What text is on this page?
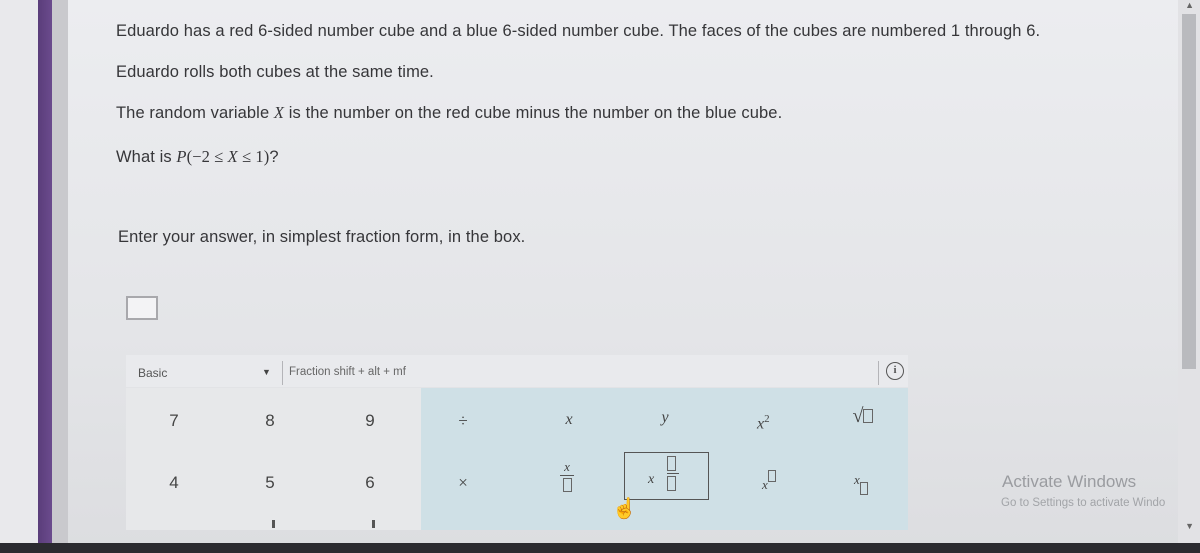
▲
▼
Eduardo has a red 6-sided number cube and a blue 6-sided number cube. The faces of the cubes are numbered 1 through 6.
Eduardo rolls both cubes at the same time.
The random variable X is the number on the red cube minus the number on the blue cube.
What is P(−2 ≤ X ≤ 1)?
Enter your answer, in simplest fraction form, in the box.
Basic	▼ Fraction shift + alt + mf	i
7	8	9
4	5	6
÷
×
x	y	$x^2$	√
x
x	x	$^x$
☝
Activate Windows
Go to Settings to activate Windo
